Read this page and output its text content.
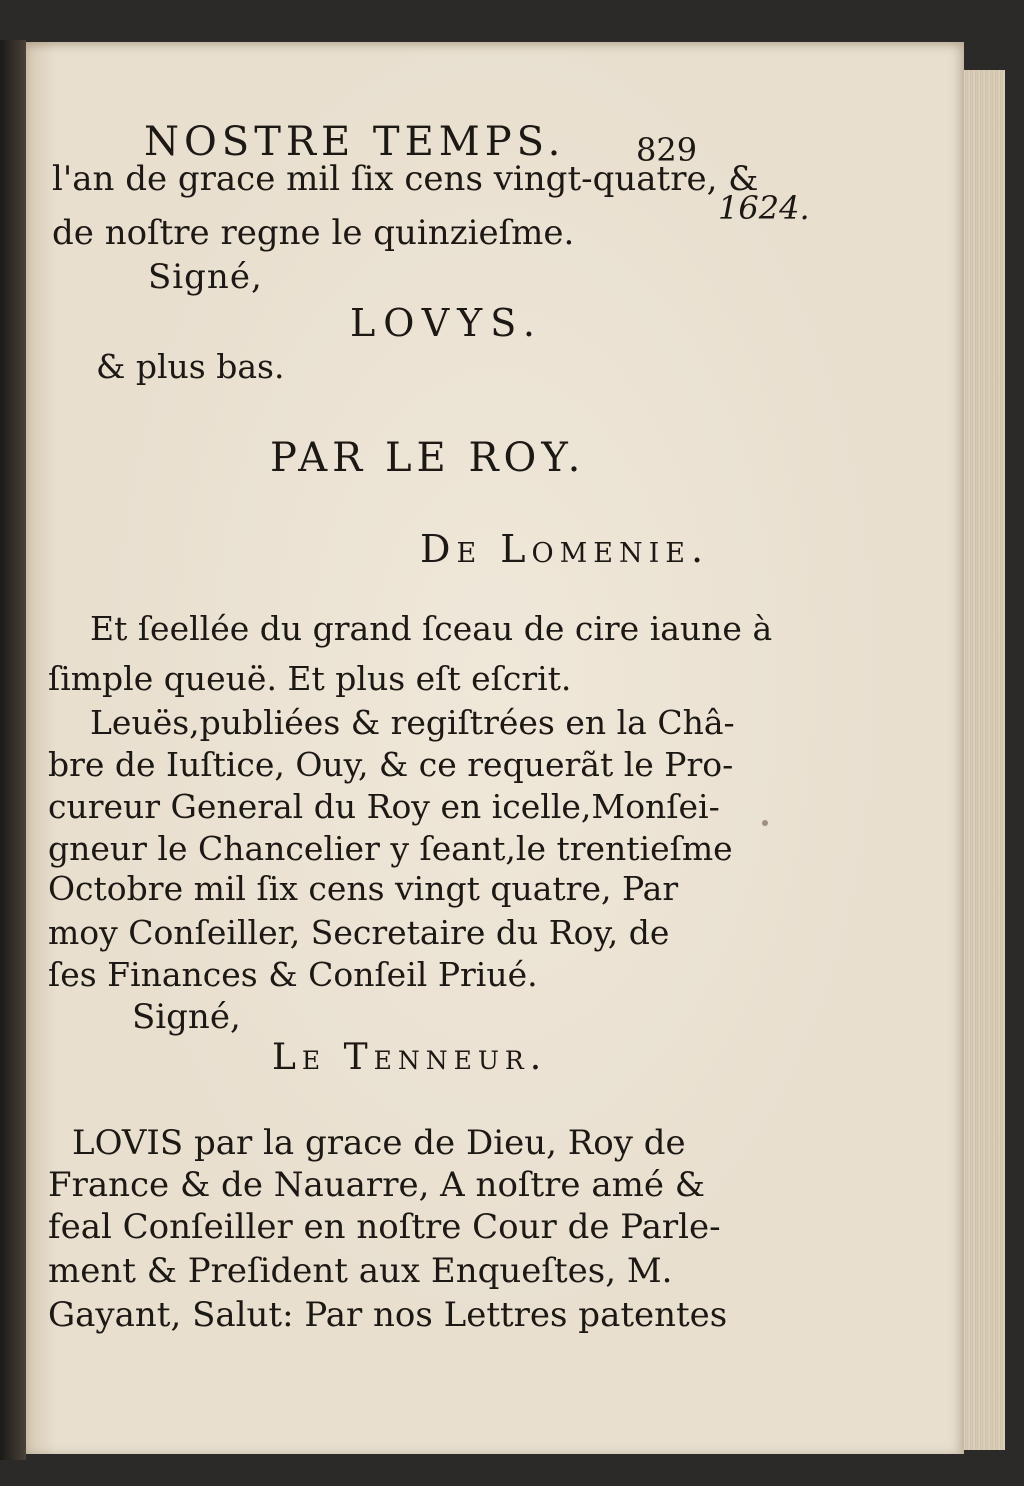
NOSTRE TEMPS. 829
1624.
l'an de grace mil ſix cens vingt-quatre, &
de noſtre regne le quinzieſme.
Signé,
LOVYS.
& plus bas.
PAR LE ROY.
De Lomenie.
Et ſeellée du grand ſceau de cire iaune à
ſimple queuë. Et plus eſt eſcrit.
Leuës,publiées & regiſtrées en la Châ-
bre de Iuſtice, Ouy, & ce requerãt le Pro-
cureur General du Roy en icelle,Monſei-
gneur le Chancelier y ſeant,le trentieſme
Octobre mil ſix cens vingt quatre, Par
moy Conſeiller, Secretaire du Roy, de
ſes Finances & Conſeil Priué.
Signé,
Le Tenneur.
LOVIS par la grace de Dieu, Roy de
France & de Nauarre, A noſtre amé &
feal Conſeiller en noſtre Cour de Parle-
ment & Preſident aux Enqueſtes, M.
Gayant, Salut: Par nos Lettres patentes
